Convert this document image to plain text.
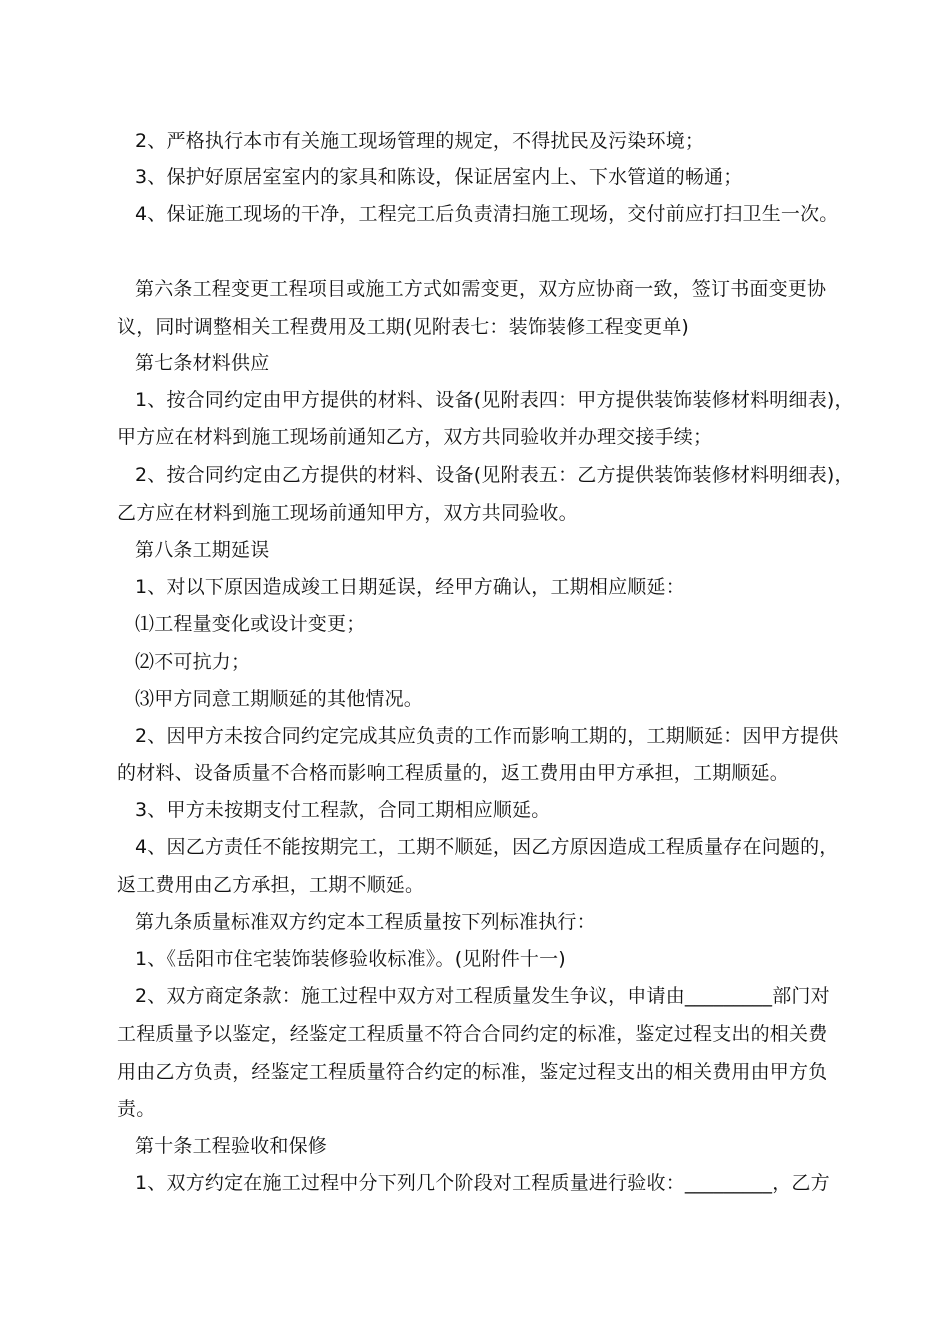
2、严格执行本市有关施工现场管理的规定，不得扰民及污染环境；
3、保护好原居室室内的家具和陈设，保证居室内上、下水管道的畅通；
4、保证施工现场的干净，工程完工后负责清扫施工现场，交付前应打扫卫生一次。
第六条工程变更工程项目或施工方式如需变更，双方应协商一致，签订书面变更协
议，同时调整相关工程费用及工期(见附表七：装饰装修工程变更单)
第七条材料供应
1、按合同约定由甲方提供的材料、设备(见附表四：甲方提供装饰装修材料明细表)，
甲方应在材料到施工现场前通知乙方，双方共同验收并办理交接手续；
2、按合同约定由乙方提供的材料、设备(见附表五：乙方提供装饰装修材料明细表)，
乙方应在材料到施工现场前通知甲方，双方共同验收。
第八条工期延误
1、对以下原因造成竣工日期延误，经甲方确认，工期相应顺延：
⑴工程量变化或设计变更；
⑵不可抗力；
⑶甲方同意工期顺延的其他情况。
2、因甲方未按合同约定完成其应负责的工作而影响工期的，工期顺延：因甲方提供
的材料、设备质量不合格而影响工程质量的，返工费用由甲方承担，工期顺延。
3、甲方未按期支付工程款，合同工期相应顺延。
4、因乙方责任不能按期完工，工期不顺延，因乙方原因造成工程质量存在问题的，
返工费用由乙方承担，工期不顺延。
第九条质量标准双方约定本工程质量按下列标准执行：
1、《岳阳市住宅装饰装修验收标准》。(见附件十一)
2、双方商定条款：施工过程中双方对工程质量发生争议，申请由_________部门对
工程质量予以鉴定，经鉴定工程质量不符合合同约定的标准，鉴定过程支出的相关费
用由乙方负责，经鉴定工程质量符合约定的标准，鉴定过程支出的相关费用由甲方负
责。
第十条工程验收和保修
1、双方约定在施工过程中分下列几个阶段对工程质量进行验收：_________，乙方
